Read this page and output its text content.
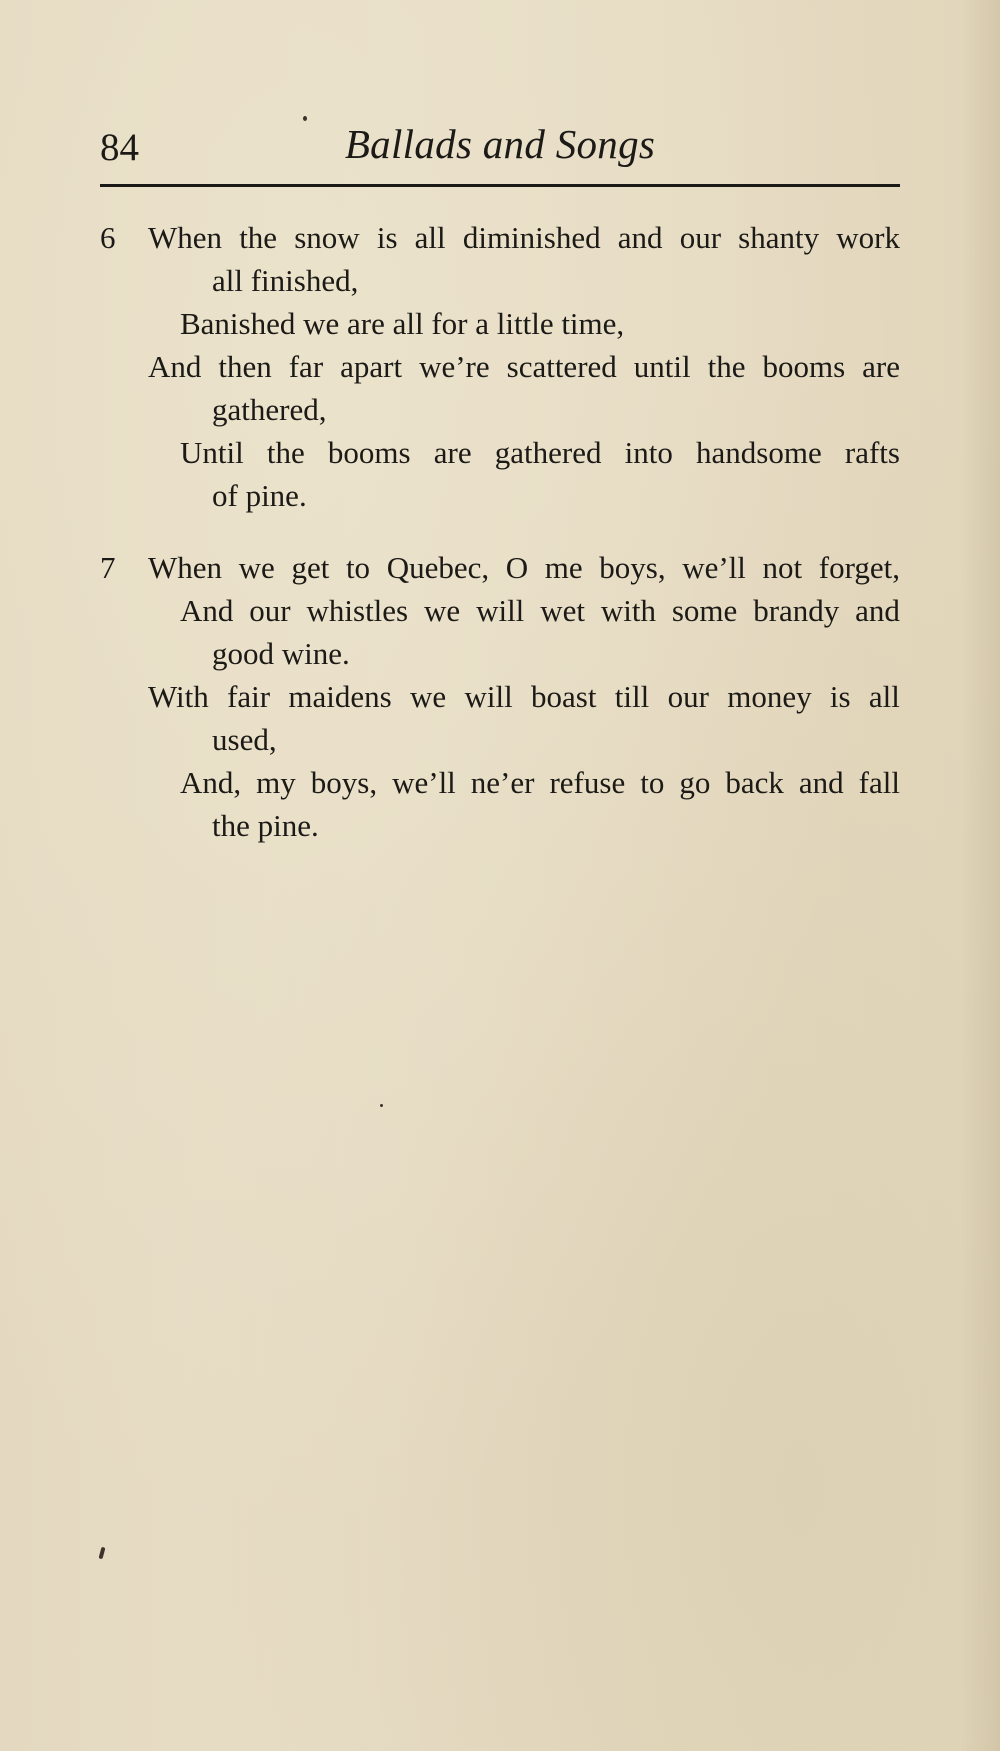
84	Ballads and Songs
6 When the snow is all diminished and our shanty work
all finished,
Banished we are all for a little time,
And then far apart we’re scattered until the booms are
gathered,
Until the booms are gathered into handsome rafts
of pine.
7 When we get to Quebec, O me boys, we’ll not forget,
And our whistles we will wet with some brandy and
good wine.
With fair maidens we will boast till our money is all
used,
And, my boys, we’ll ne’er refuse to go back and fall
the pine.
